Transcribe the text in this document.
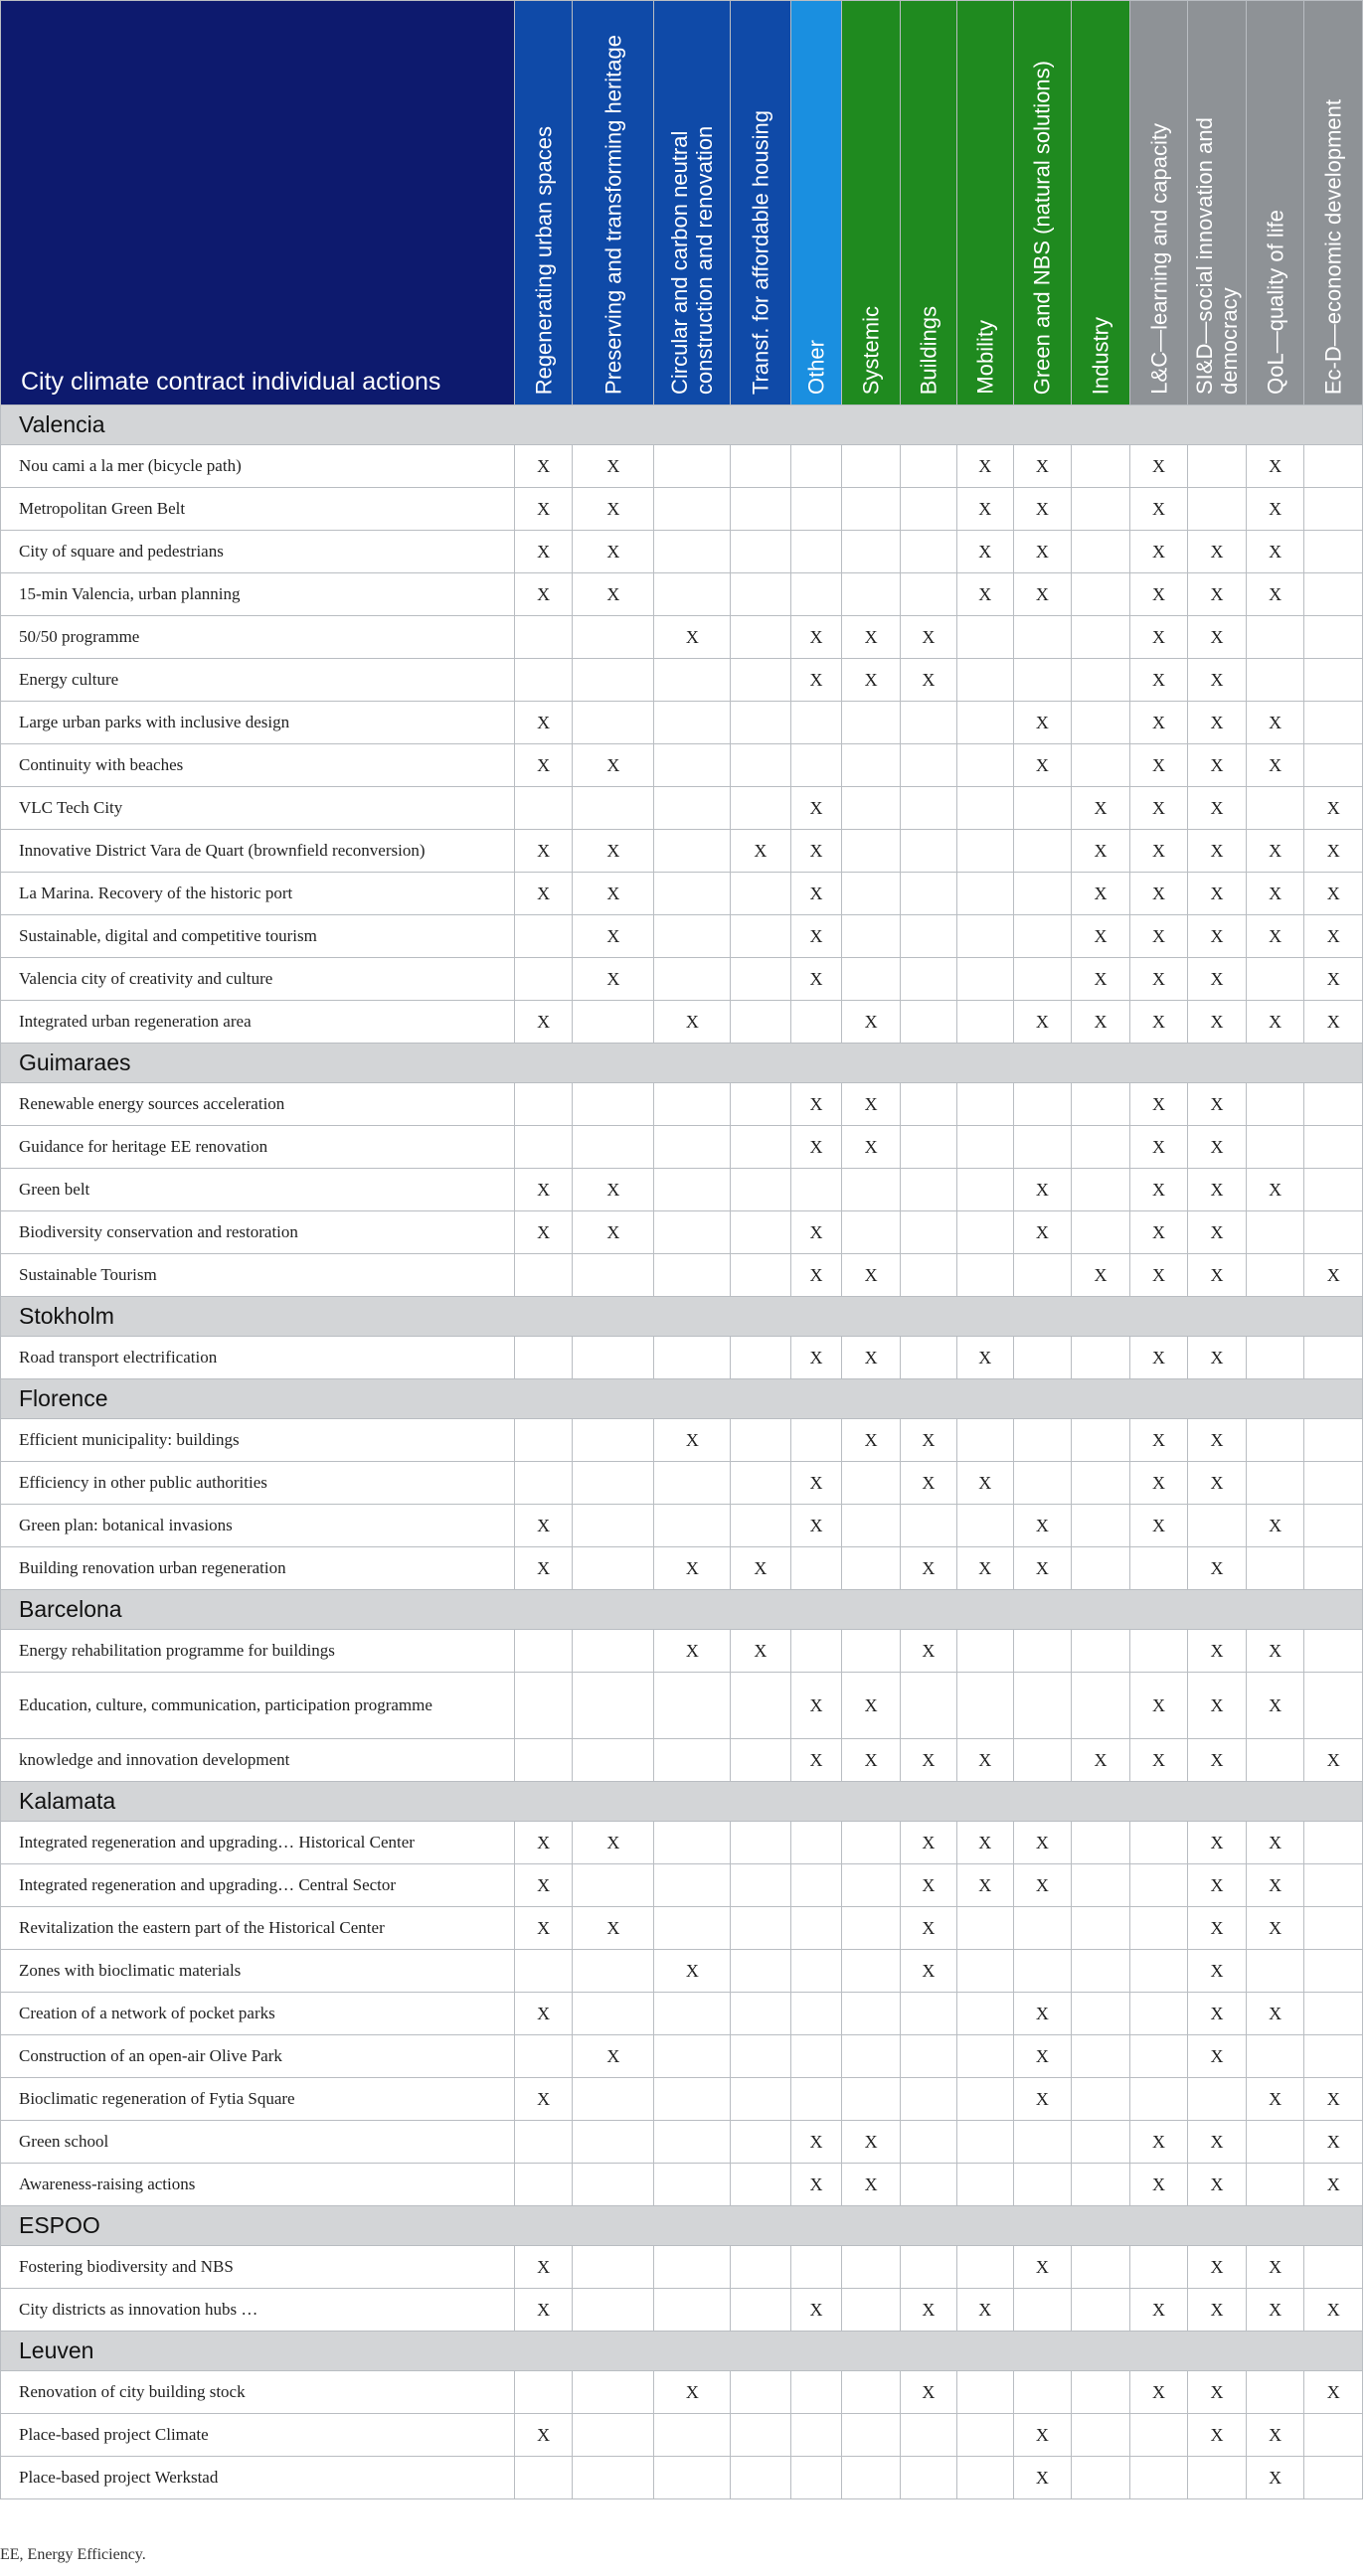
City climate contract individual actions	Regenerating urban spaces	Preserving and transforming heritage	Circular and carbon neutral construction and renovation	Transf. for affordable housing	Other	Systemic	Buildings	Mobility	Green and NBS (natural solutions)	Industry	L&C—learning and capacity	SI&D—social innovation and democracy	QoL—quality of life	Ec-D—economic development

Valencia														
Nou cami a la mer (bicycle path)	X	X						X	X		X		X	
Metropolitan Green Belt	X	X						X	X		X		X	
City of square and pedestrians	X	X						X	X		X	X	X	
15-min Valencia, urban planning	X	X						X	X		X	X	X	
50/50 programme			X		X	X	X				X	X		
Energy culture					X	X	X				X	X		
Large urban parks with inclusive design	X								X		X	X	X	
Continuity with beaches	X	X							X		X	X	X	
VLC Tech City					X					X	X	X		X
Innovative District Vara de Quart (brownfield reconversion)	X	X		X	X					X	X	X	X	X
La Marina. Recovery of the historic port	X	X			X					X	X	X	X	X
Sustainable, digital and competitive tourism		X			X					X	X	X	X	X
Valencia city of creativity and culture		X			X					X	X	X		X
Integrated urban regeneration area	X		X			X			X	X	X	X	X	X
Guimaraes														
Renewable energy sources acceleration					X	X					X	X		
Guidance for heritage EE renovation					X	X					X	X		
Green belt	X	X							X		X	X	X	
Biodiversity conservation and restoration	X	X			X				X		X	X		
Sustainable Tourism					X	X				X	X	X		X
Stokholm														
Road transport electrification					X	X		X			X	X		
Florence														
Efficient municipality: buildings			X			X	X				X	X		
Efficiency in other public authorities					X		X	X			X	X		
Green plan: botanical invasions	X				X				X		X		X	
Building renovation urban regeneration	X		X	X			X	X	X			X		
Barcelona														
Energy rehabilitation programme for buildings			X	X			X					X	X	
Education, culture, communication, participation programme					X	X					X	X	X	
knowledge and innovation development					X	X	X	X		X	X	X		X
Kalamata														
Integrated regeneration and upgrading… Historical Center	X	X					X	X	X			X	X	
Integrated regeneration and upgrading… Central Sector	X						X	X	X			X	X	
Revitalization the eastern part of the Historical Center	X	X					X					X	X	
Zones with bioclimatic materials			X				X					X		
Creation of a network of pocket parks	X								X			X	X	
Construction of an open-air Olive Park		X							X			X		
Bioclimatic regeneration of Fytia Square	X								X				X	X
Green school					X	X					X	X		X
Awareness-raising actions					X	X					X	X		X
ESPOO														
Fostering biodiversity and NBS	X								X			X	X	
City districts as innovation hubs …	X				X		X	X			X	X	X	X
Leuven														
Renovation of city building stock			X				X				X	X		X
Place-based project Climate	X								X			X	X	
Place-based project Werkstad									X				X	
EE, Energy Efficiency.
